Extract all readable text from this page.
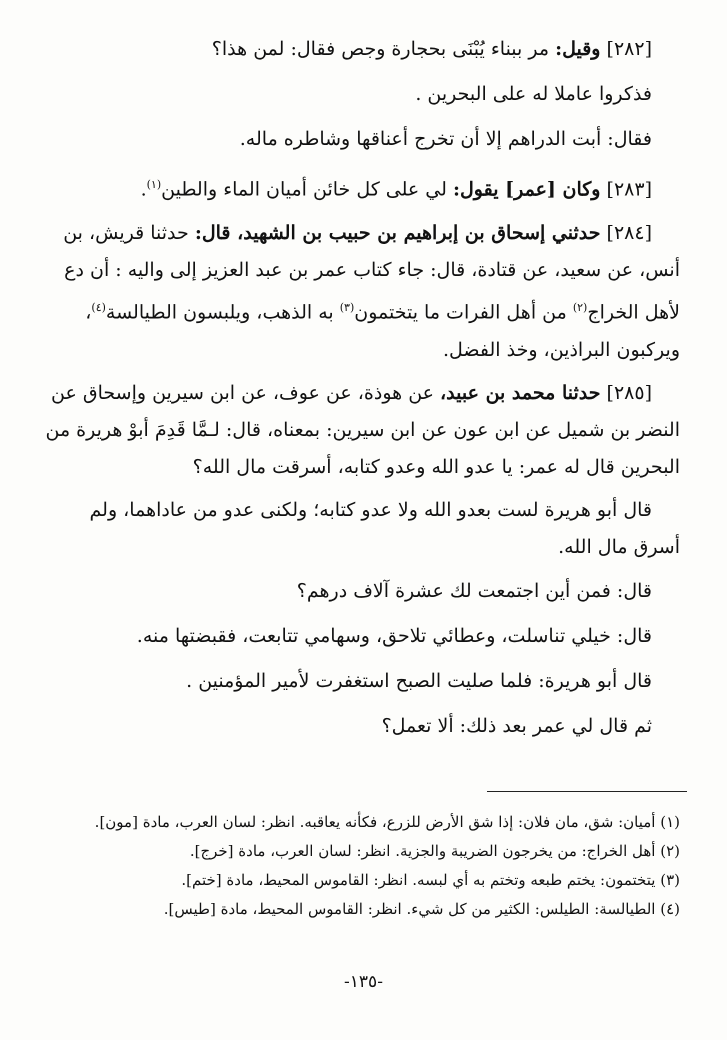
[٢٨٢] وقيل: مر ببناء يُبْنَى بحجارة وجص فقال: لمن هذا؟

فذكروا عاملا له على البحرين .

فقال: أبت الدراهم إلا أن تخرج أعناقها وشاطره ماله.

[٢٨٣] وكان [عمر] يقول: لي على كل خائن أميان الماء والطين$^{(١)}$.

[٢٨٤] حدثني إسحاق بن إبراهيم بن حبيب بن الشهيد، قال: حدثنا قريش، بن أنس، عن سعيد، عن قتادة، قال: جاء كتاب عمر بن عبد العزيز إلى واليه : أن دع لأهل الخراج$^{(٢)}$ من أهل الفرات ما يتختمون$^{(٣)}$ به الذهب، ويلبسون الطيالسة$^{(٤)}$، ويركبون البراذين، وخذ الفضل.

[٢٨٥] حدثنا محمد بن عبيد، عن هوذة، عن عوف، عن ابن سيرين وإسحاق عن النضر بن شميل عن ابن عون عن ابن سيرين: بمعناه، قال: لـمَّا قَدِمَ أبوْ هريرة من البحرين قال له عمر: يا عدو الله وعدو كتابه، أسرقت مال الله؟

قال أبو هريرة لست بعدو الله ولا عدو كتابه؛ ولكنى عدو من عاداهما، ولم أسرق مال الله.

قال: فمن أين اجتمعت لك عشرة آلاف درهم؟

قال: خيلي تناسلت، وعطائي تلاحق، وسهامي تتابعت، فقبضتها منه.

قال أبو هريرة: فلما صليت الصبح استغفرت لأمير المؤمنين .

ثم قال لي عمر بعد ذلك: ألا تعمل؟

(١) أميان: شق، مان فلان: إذا شق الأرض للزرع، فكأنه يعاقبه. انظر: لسان العرب، مادة [مون].
(٢) أهل الخراج: من يخرجون الضريبة والجزية. انظر: لسان العرب، مادة [خرج].
(٣) يتختمون: يختم طبعه وتختم به أي لبسه. انظر: القاموس المحيط، مادة [ختم].
(٤) الطيالسة: الطيلس: الكثير من كل شيء. انظر: القاموس المحيط، مادة [طيس].
-١٣٥-
